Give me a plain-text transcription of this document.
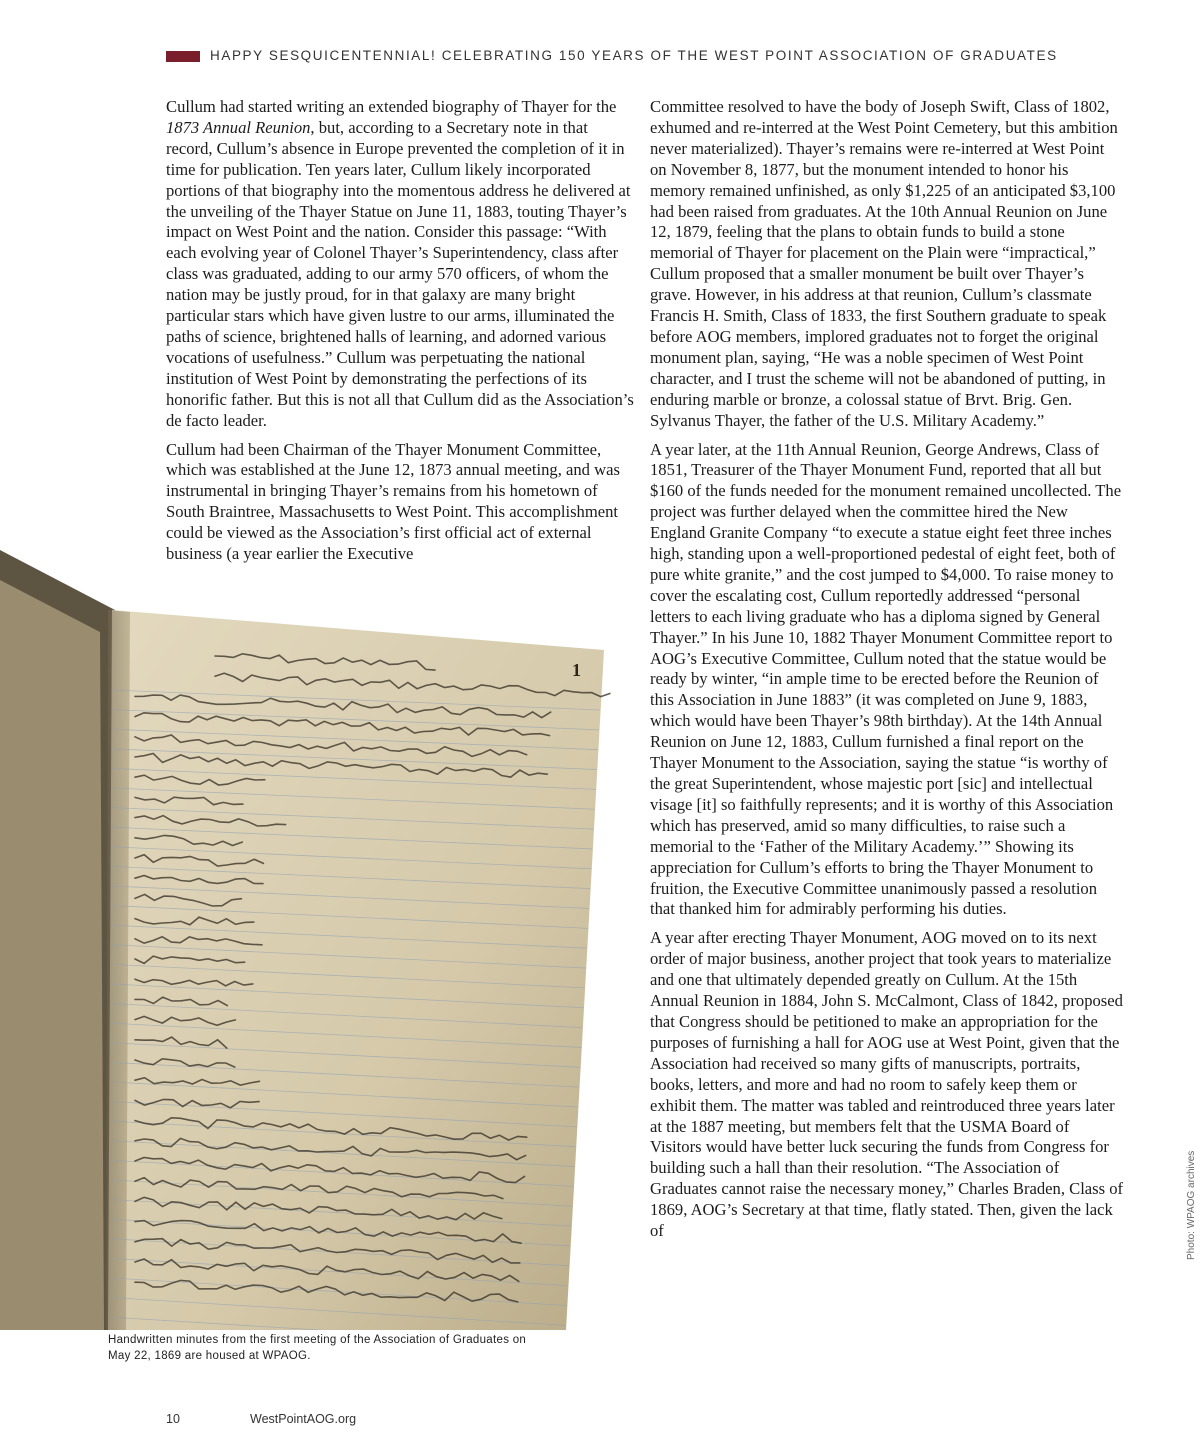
HAPPY SESQUICENTENNIAL! CELEBRATING 150 YEARS OF THE WEST POINT ASSOCIATION OF GRADUATES

Cullum had started writing an extended biography of Thayer for the 1873 Annual Reunion, but, according to a Secretary note in that record, Cullum’s absence in Europe prevented the completion of it in time for publication. Ten years later, Cullum likely incorporated portions of that biography into the momentous address he delivered at the unveiling of the Thayer Statue on June 11, 1883, touting Thayer’s impact on West Point and the nation. Consider this passage: “With each evolving year of Colonel Thayer’s Superintendency, class after class was graduated, adding to our army 570 officers, of whom the nation may be justly proud, for in that galaxy are many bright particular stars which have given lustre to our arms, illuminated the paths of science, brightened halls of learning, and adorned various vocations of usefulness.” Cullum was perpetuating the national institution of West Point by demonstrating the perfections of its honorific father. But this is not all that Cullum did as the Association’s de facto leader.

Cullum had been Chairman of the Thayer Monument Committee, which was established at the June 12, 1873 annual meeting, and was instrumental in bringing Thayer’s remains from his hometown of South Braintree, Massachusetts to West Point. This accomplishment could be viewed as the Association’s first official act of external business (a year earlier the Executive

Committee resolved to have the body of Joseph Swift, Class of 1802, exhumed and re-interred at the West Point Cemetery, but this ambition never materialized). Thayer’s remains were re-interred at West Point on November 8, 1877, but the monument intended to honor his memory remained unfinished, as only $1,225 of an anticipated $3,100 had been raised from graduates. At the 10th Annual Reunion on June 12, 1879, feeling that the plans to obtain funds to build a stone memorial of Thayer for placement on the Plain were “impractical,” Cullum proposed that a smaller monument be built over Thayer’s grave. However, in his address at that reunion, Cullum’s classmate Francis H. Smith, Class of 1833, the first Southern graduate to speak before AOG members, implored graduates not to forget the original monument plan, saying, “He was a noble specimen of West Point character, and I trust the scheme will not be abandoned of putting, in enduring marble or bronze, a colossal statue of Brvt. Brig. Gen. Sylvanus Thayer, the father of the U.S. Military Academy.”

A year later, at the 11th Annual Reunion, George Andrews, Class of 1851, Treasurer of the Thayer Monument Fund, reported that all but $160 of the funds needed for the monument remained uncollected. The project was further delayed when the committee hired the New England Granite Company “to execute a statue eight feet three inches high, standing upon a well-proportioned pedestal of eight feet, both of pure white granite,” and the cost jumped to $4,000. To raise money to cover the escalating cost, Cullum reportedly addressed “personal letters to each living graduate who has a diploma signed by General Thayer.” In his June 10, 1882 Thayer Monument Committee report to AOG’s Executive Committee, Cullum noted that the statue would be ready by winter, “in ample time to be erected before the Reunion of this Association in June 1883” (it was completed on June 9, 1883, which would have been Thayer’s 98th birthday). At the 14th Annual Reunion on June 12, 1883, Cullum furnished a final report on the Thayer Monument to the Association, saying the statue “is worthy of the great Superintendent, whose majestic port [sic] and intellectual visage [it] so faithfully represents; and it is worthy of this Association which has preserved, amid so many difficulties, to raise such a memorial to the ‘Father of the Military Academy.’” Showing its appreciation for Cullum’s efforts to bring the Thayer Monument to fruition, the Executive Committee unanimously passed a resolution that thanked him for admirably performing his duties.

A year after erecting Thayer Monument, AOG moved on to its next order of major business, another project that took years to materialize and one that ultimately depended greatly on Cullum. At the 15th Annual Reunion in 1884, John S. McCalmont, Class of 1842, proposed that Congress should be petitioned to make an appropriation for the purposes of furnishing a hall for AOG use at West Point, given that the Association had received so many gifts of manuscripts, portraits, books, letters, and more and had no room to safely keep them or exhibit them. The matter was tabled and reintroduced three years later at the 1887 meeting, but members felt that the USMA Board of Visitors would have better luck securing the funds from Congress for building such a hall than their resolution. “The Association of Graduates cannot raise the necessary money,” Charles Braden, Class of 1869, AOG’s Secretary at that time, flatly stated. Then, given the lack of

1
Handwritten minutes from the first meeting of the Association of Graduates on May 22, 1869 are housed at WPAOG.
Photo: WPAOG archives
10	WestPointAOG.org
